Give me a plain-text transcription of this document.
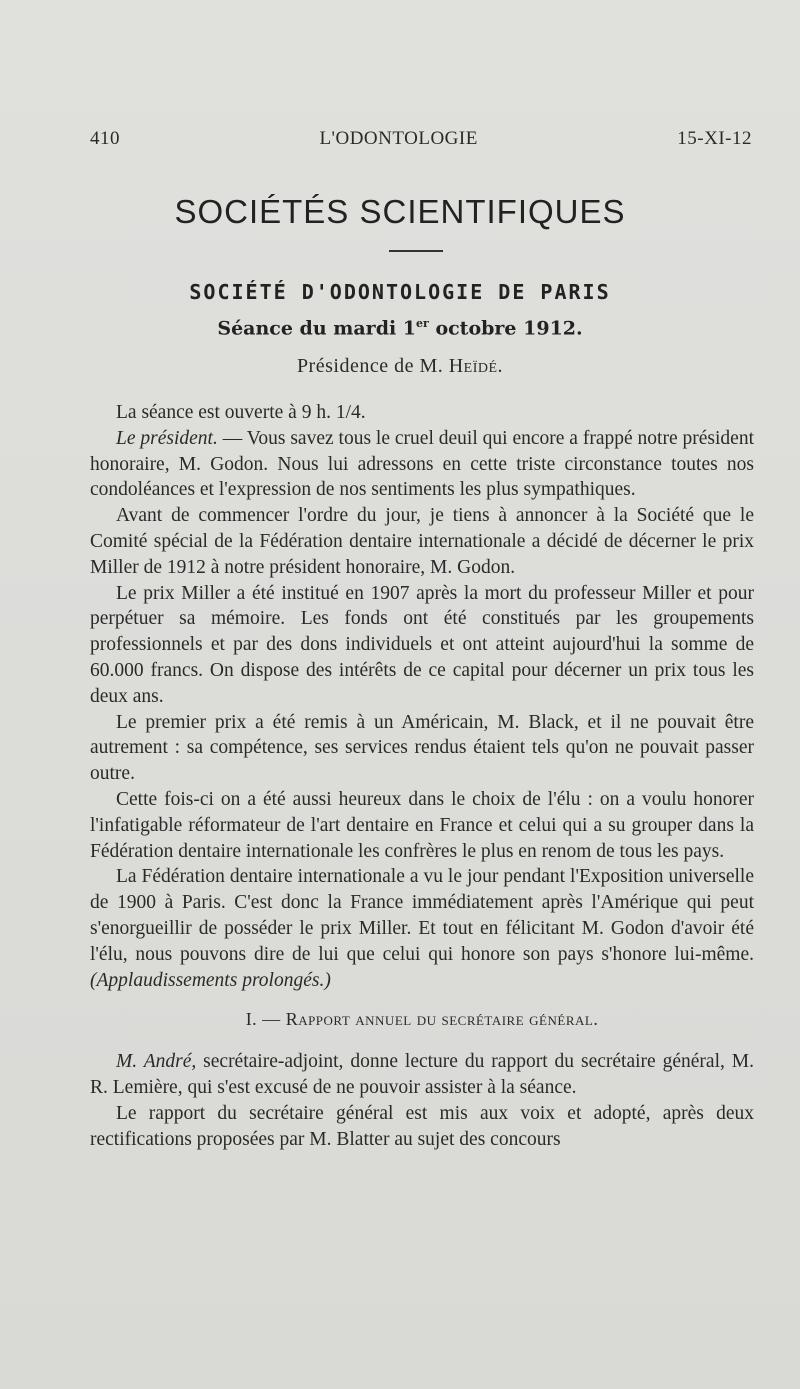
410	L'ODONTOLOGIE	15-XI-12
SOCIÉTÉS SCIENTIFIQUES
SOCIÉTÉ D'ODONTOLOGIE DE PARIS
Séance du mardi 1er octobre 1912.
Présidence de M. Heïdé.

La séance est ouverte à 9 h. 1/4.

Le président. — Vous savez tous le cruel deuil qui encore a frappé notre président honoraire, M. Godon. Nous lui adressons en cette triste circonstance toutes nos condoléances et l'expression de nos sentiments les plus sympathiques.

Avant de commencer l'ordre du jour, je tiens à annoncer à la Société que le Comité spécial de la Fédération dentaire internationale a décidé de décerner le prix Miller de 1912 à notre président honoraire, M. Godon.

Le prix Miller a été institué en 1907 après la mort du professeur Miller et pour perpétuer sa mémoire. Les fonds ont été constitués par les groupements professionnels et par des dons individuels et ont atteint aujourd'hui la somme de 60.000 francs. On dispose des intérêts de ce capital pour décerner un prix tous les deux ans.

Le premier prix a été remis à un Américain, M. Black, et il ne pouvait être autrement : sa compétence, ses services rendus étaient tels qu'on ne pouvait passer outre.

Cette fois-ci on a été aussi heureux dans le choix de l'élu : on a voulu honorer l'infatigable réformateur de l'art dentaire en France et celui qui a su grouper dans la Fédération dentaire internationale les confrères le plus en renom de tous les pays.

La Fédération dentaire internationale a vu le jour pendant l'Exposition universelle de 1900 à Paris. C'est donc la France immédiatement après l'Amérique qui peut s'enorgueillir de posséder le prix Miller. Et tout en félicitant M. Godon d'avoir été l'élu, nous pouvons dire de lui que celui qui honore son pays s'honore lui-même. (Applaudissements prolongés.)

I. — Rapport annuel du secrétaire général.

M. André, secrétaire-adjoint, donne lecture du rapport du secrétaire général, M. R. Lemière, qui s'est excusé de ne pouvoir assister à la séance.

Le rapport du secrétaire général est mis aux voix et adopté, après deux rectifications proposées par M. Blatter au sujet des concours
